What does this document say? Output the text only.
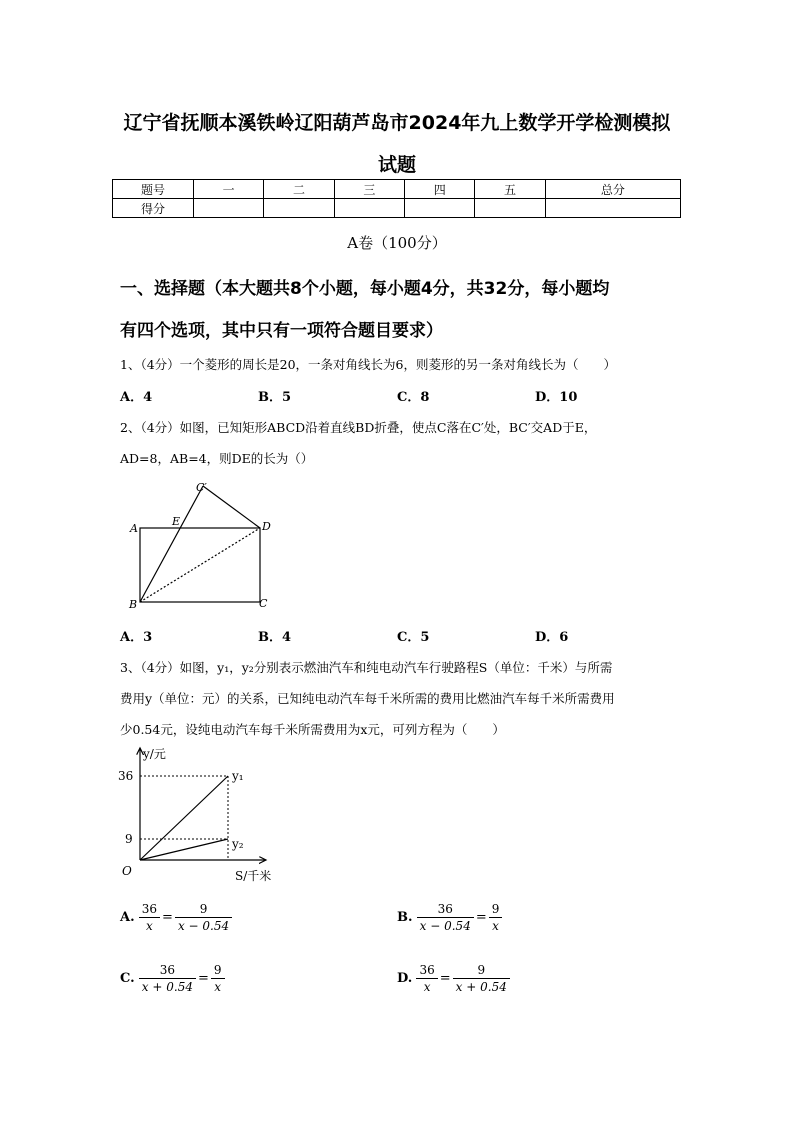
辽宁省抚顺本溪铁岭辽阳葫芦岛市2024年九上数学开学检测模拟
试题
题号	一	二	三	四	五	总分
得分						
A卷（100分）
一、选择题（本大题共8个小题，每小题4分，共32分，每小题均
有四个选项，其中只有一项符合题目要求）
1、（4分）一个菱形的周长是20，一条对角线长为6，则菱形的另一条对角线长为（　　）
A．4	B．5	C．8	D．10
2、（4分）如图，已知矩形ABCD沿着直线BD折叠，使点C落在C′处，BC′交AD于E，
AD=8，AB=4，则DE的长为（）
A
E	D
B	C
C′
A．3	B．4	C．5	D．6
3、（4分）如图，y₁，y₂分别表示燃油汽车和纯电动汽车行驶路程S（单位：千米）与所需
费用y（单位：元）的关系，已知纯电动汽车每千米所需的费用比燃油汽车每千米所需费用
少0.54元，设纯电动汽车每千米所需费用为x元，可列方程为（　　）
y/元
S/千米
O
36
9
y₁
y₂
A. $\frac{36}{x} = \frac{9}{x - 0.54}$	B. $\frac{36}{x - 0.54} = \frac{9}{x}$
C. $\frac{36}{x + 0.54} = \frac{9}{x}$	D. $\frac{36}{x} = \frac{9}{x + 0.54}$
